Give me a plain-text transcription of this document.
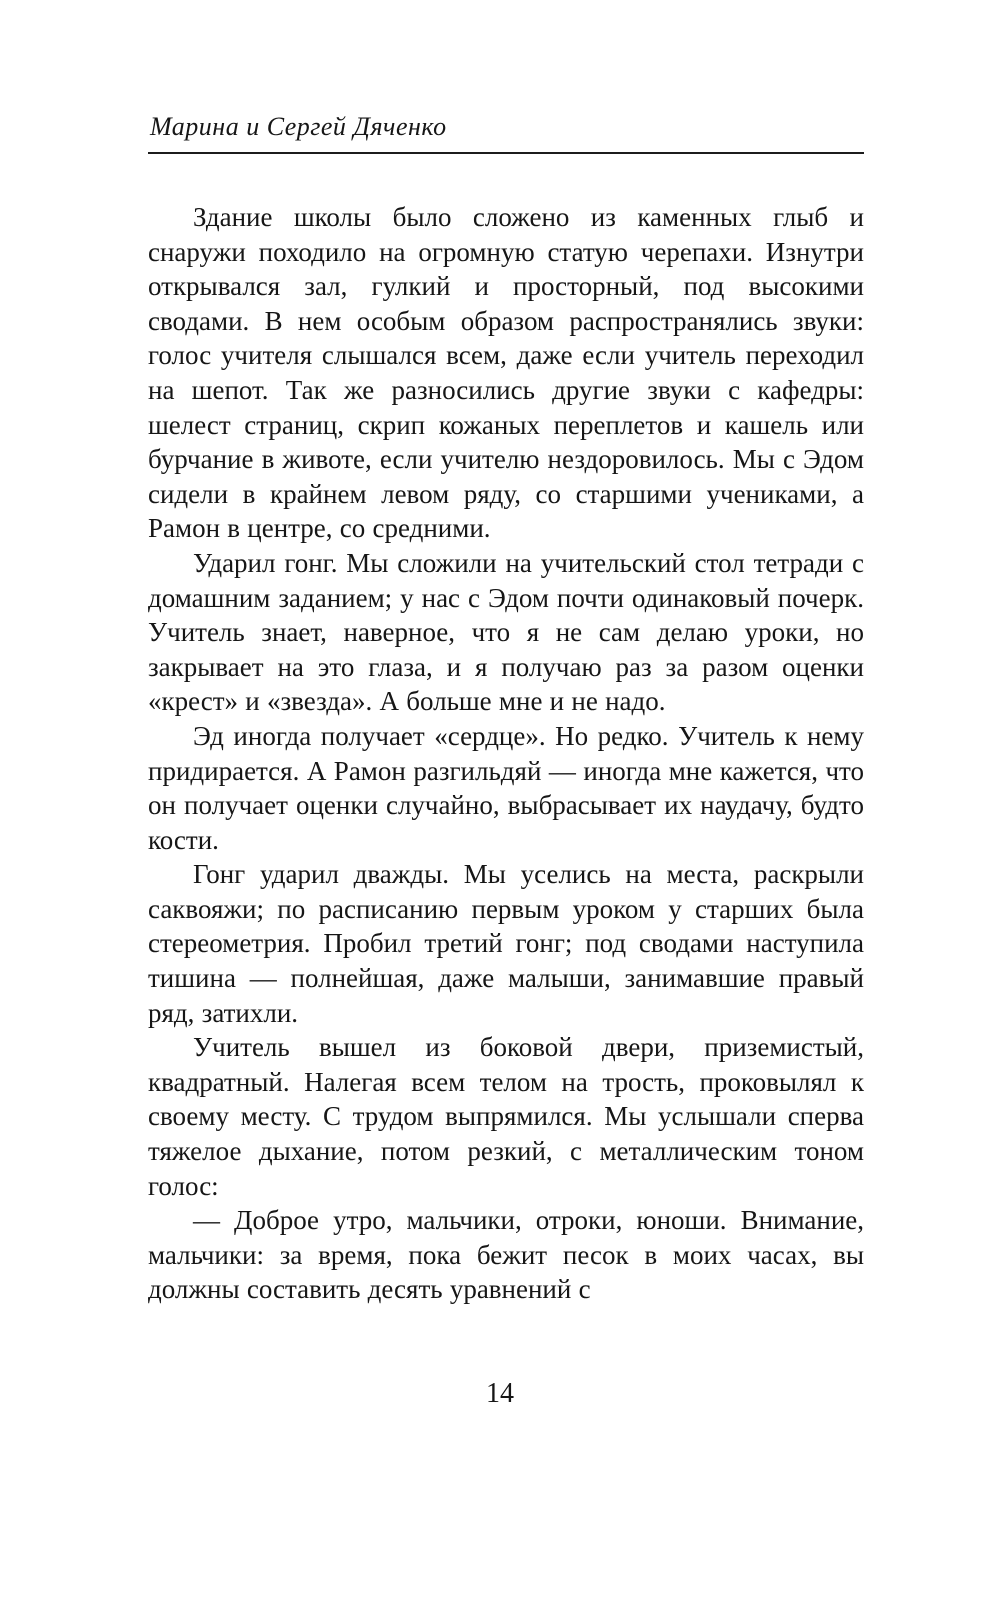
Марина и Сергей Дяченко

Здание школы было сложено из каменных глыб и снаружи походило на огромную статую черепахи. Изнутри открывался зал, гулкий и просторный, под высокими сводами. В нем особым образом распространялись звуки: голос учителя слышался всем, даже если учитель переходил на шепот. Так же разносились другие звуки с кафедры: шелест страниц, скрип кожаных переплетов и кашель или бурчание в животе, если учителю нездоровилось. Мы с Эдом сидели в крайнем левом ряду, со старшими учениками, а Рамон в центре, со средними.

Ударил гонг. Мы сложили на учительский стол тетради с домашним заданием; у нас с Эдом почти одинаковый почерк. Учитель знает, наверное, что я не сам делаю уроки, но закрывает на это глаза, и я получаю раз за разом оценки «крест» и «звезда». А больше мне и не надо.

Эд иногда получает «сердце». Но редко. Учитель к нему придирается. А Рамон разгильдяй — иногда мне кажется, что он получает оценки случайно, выбрасывает их наудачу, будто кости.

Гонг ударил дважды. Мы уселись на места, раскрыли саквояжи; по расписанию первым уроком у старших была стереометрия. Пробил третий гонг; под сводами наступила тишина — полнейшая, даже малыши, занимавшие правый ряд, затихли.

Учитель вышел из боковой двери, приземистый, квадратный. Налегая всем телом на трость, проковылял к своему месту. С трудом выпрямился. Мы услышали сперва тяжелое дыхание, потом резкий, с металлическим тоном голос:

— Доброе утро, мальчики, отроки, юноши. Внимание, мальчики: за время, пока бежит песок в моих часах, вы должны составить десять уравнений с

14
